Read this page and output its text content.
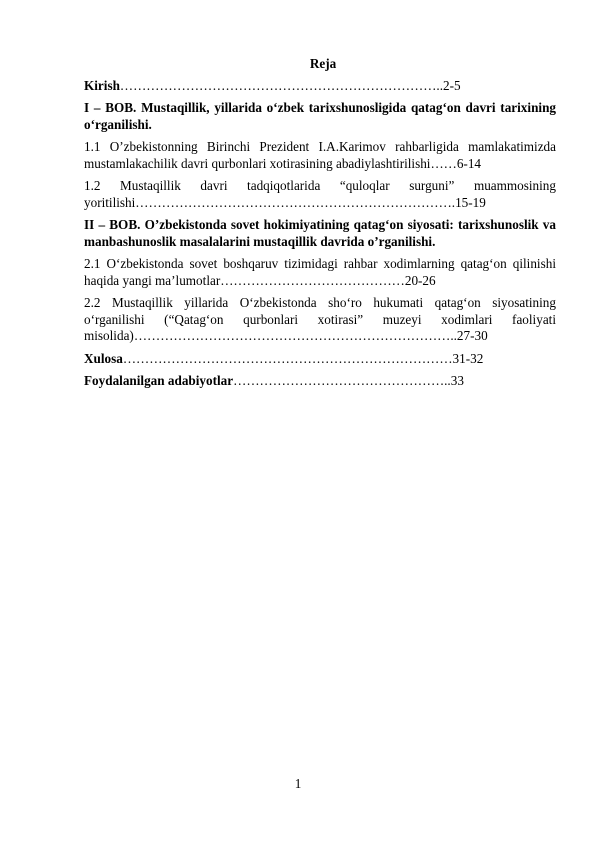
Reja
Kirish………………………………………………………………..2-5
I – BOB. Mustaqillik, yillarida o‘zbek tarixshunosligida qatag‘on davri tarixining o‘rganilishi.
1.1 O’zbekistonning Birinchi Prezident I.A.Karimov rahbarligida mamlakatimizda mustamlakachilik davri qurbonlari xotirasining abadiylashtirilishi……6-14
1.2 Mustaqillik davri tadqiqotlarida “quloqlar surguni” muammosining yoritilishi……………………………………………………………….15-19
II – BOB. O’zbekistonda sovet hokimiyatining qatag‘on siyosati: tarixshunoslik va manbashunoslik masalalarini mustaqillik davrida o’rganilishi.
2.1 O‘zbekistonda sovet boshqaruv tizimidagi rahbar xodimlarning qatag‘on qilinishi haqida yangi ma’lumotlar……………………………………20-26
2.2 Mustaqillik yillarida O‘zbekistonda sho‘ro hukumati qatag‘on siyosatining o‘rganilishi (“Qatag‘on qurbonlari xotirasi” muzeyi xodimlari faoliyati misolida)………………………………………………………………..27-30
Xulosa…………………………………………………………………31-32
Foydalanilgan adabiyotlar…………………………………………..33
1
